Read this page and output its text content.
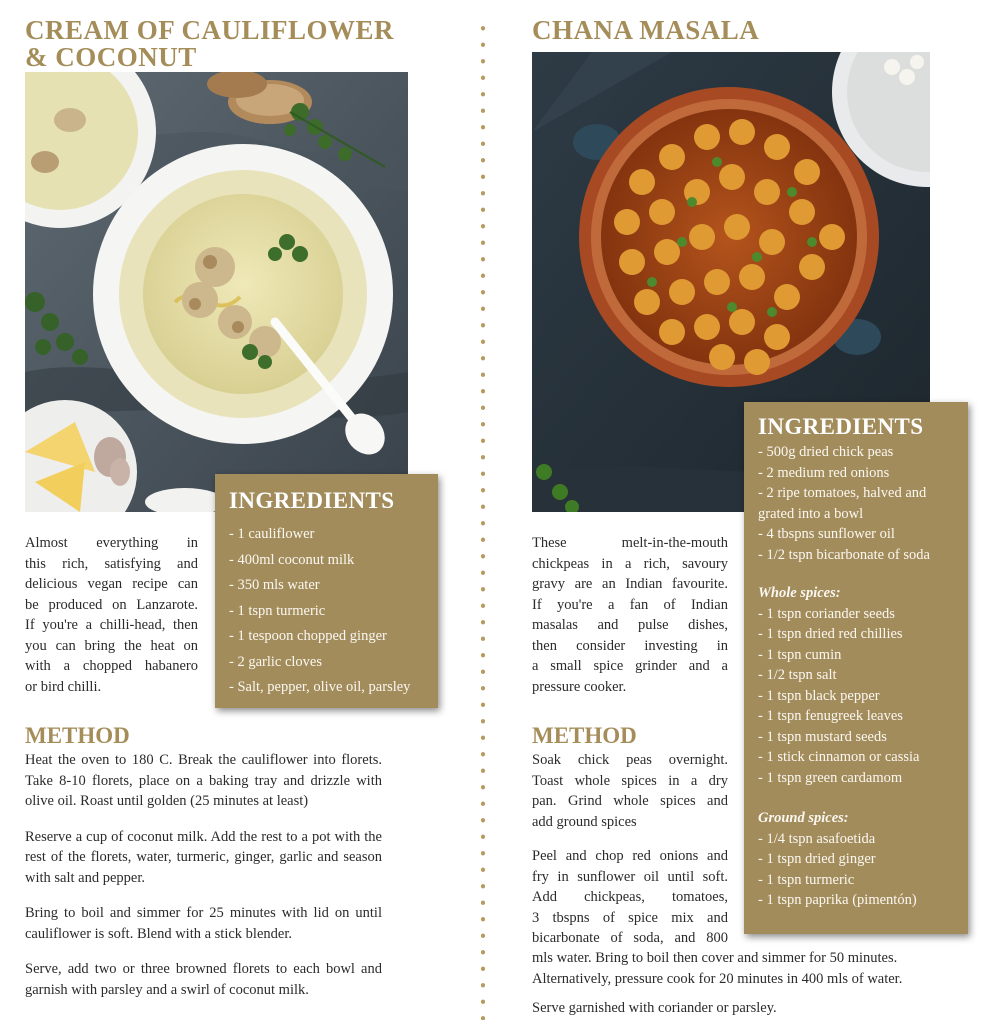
CREAM OF CAULIFLOWER
& COCONUT
INGREDIENTS
- 1 cauliflower
- 400ml coconut milk
- 350 mls water
- 1 tspn turmeric
- 1 tespoon chopped ginger
- 2 garlic cloves
- Salt, pepper, olive oil, parsley
Almost everything in
this rich, satisfying and
delicious vegan recipe can
be produced on Lanzarote.
If you're a chilli-head, then
you can bring the heat on
with a chopped habanero
or bird chilli.
METHOD

Heat the oven to 180 C. Break the cauliflower into florets. Take 8-10 florets, place on a baking tray and drizzle with olive oil. Roast until golden (25 minutes at least)

Reserve a cup of coconut milk. Add the rest to a pot with the rest of the florets, water, turmeric, ginger, garlic and season with salt and pepper.

Bring to boil and simmer for 25 minutes with lid on until cauliflower is soft. Blend with a stick blender.

Serve, add two or three browned florets to each bowl and garnish with parsley and a swirl of coconut milk.

CHANA MASALA
INGREDIENTS
- 500g dried chick peas
- 2 medium red onions
- 2 ripe tomatoes, halved and grated into a bowl
- 4 tbspns sunflower oil
- 1/2 tspn bicarbonate of soda
Whole spices:
- 1 tspn coriander seeds
- 1 tspn dried red chillies
- 1 tspn cumin
- 1/2 tspn salt
- 1 tspn black pepper
- 1 tspn fenugreek leaves
- 1 tspn mustard seeds
- 1 stick cinnamon or cassia
- 1 tspn green cardamom
Ground spices:
- 1/4 tspn asafoetida
- 1 tspn dried ginger
- 1 tspn turmeric
- 1 tspn paprika (pimentón)
These melt-in-the-mouth
chickpeas in a rich, savoury
gravy are an Indian favourite.
If you're a fan of Indian
masalas and pulse dishes,
then consider investing in
a small spice grinder and a
pressure cooker.
METHOD
Soak chick peas overnight.
Toast whole spices in a dry
pan. Grind whole spices and
add ground spices
Peel and chop red onions and
fry in sunflower oil until soft.
Add chickpeas, tomatoes,
3 tbspns of spice mix and
bicarbonate of soda, and 800
mls water. Bring to boil then cover and simmer for 50 minutes.
Alternatively, pressure cook for 20 minutes in 400 mls of water.

Serve garnished with coriander or parsley.
